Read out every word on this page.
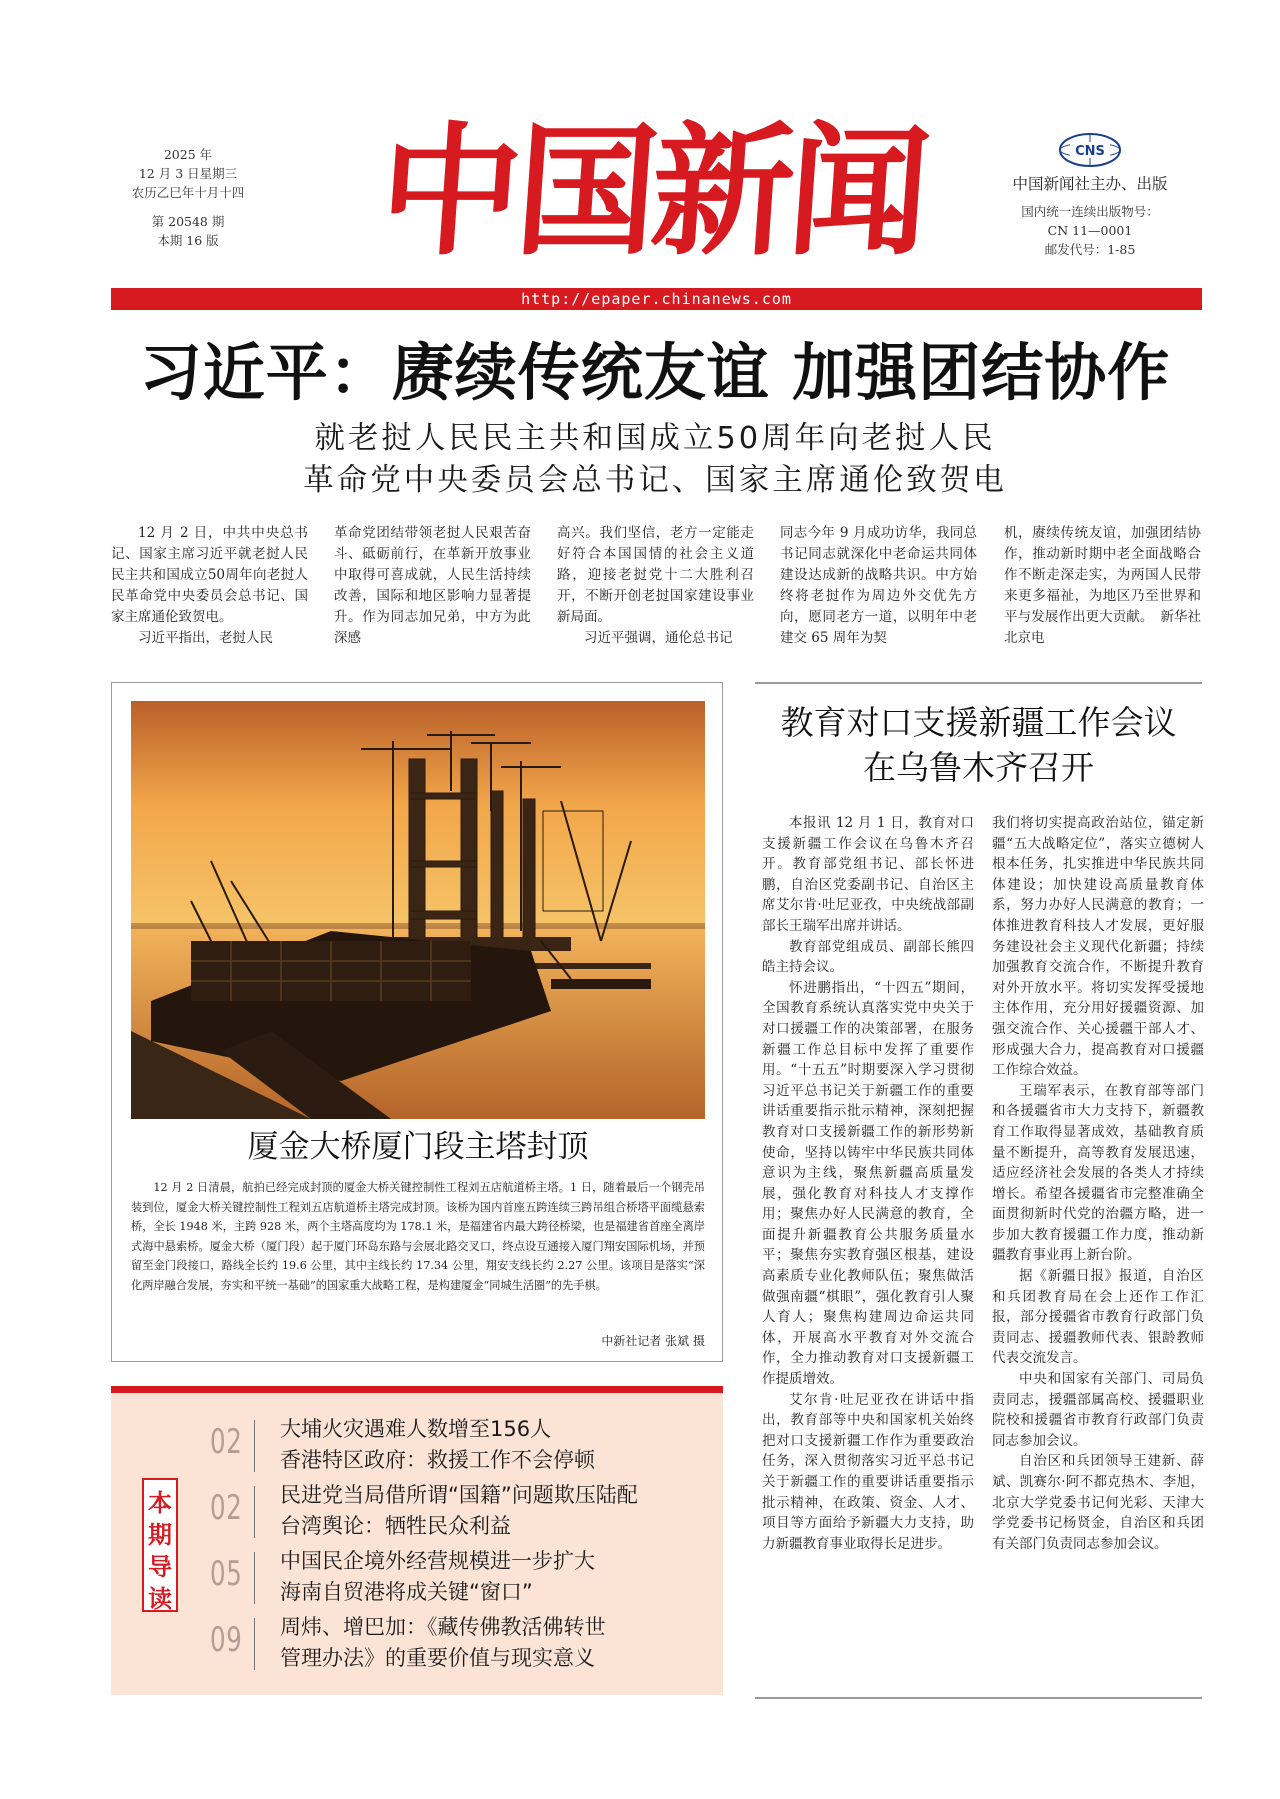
2025 年
12 月 3 日星期三
农历乙巳年十月十四
第 20548 期
本期 16 版 中国新闻	CNS
中国新闻社主办、出版
国内统一连续出版物号：
CN 11—0001
邮发代号：1-85
http://epaper.chinanews.com
习近平：赓续传统友谊 加强团结协作
就老挝人民民主共和国成立50周年向老挝人民
革命党中央委员会总书记、国家主席通伦致贺电

12 月 2 日，中共中央总书记、国家主席习近平就老挝人民民主共和国成立50周年向老挝人民革命党中央委员会总书记、国家主席通伦致贺电。

习近平指出，老挝人民

革命党团结带领老挝人民艰苦奋斗、砥砺前行，在革新开放事业中取得可喜成就，人民生活持续改善，国际和地区影响力显著提升。作为同志加兄弟，中方为此深感

高兴。我们坚信，老方一定能走好符合本国国情的社会主义道路，迎接老挝党十二大胜利召开，不断开创老挝国家建设事业新局面。

习近平强调，通伦总书记

同志今年 9 月成功访华，我同总书记同志就深化中老命运共同体建设达成新的战略共识。中方始终将老挝作为周边外交优先方向，愿同老方一道，以明年中老建交 65 周年为契

机，赓续传统友谊，加强团结协作，推动新时期中老全面战略合作不断走深走实，为两国人民带来更多福祉，为地区乃至世界和平与发展作出更大贡献。　新华社北京电

厦金大桥厦门段主塔封顶

12 月 2 日清晨，航拍已经完成封顶的厦金大桥关键控制性工程刘五店航道桥主塔。1 日，随着最后一个钢壳吊装到位，厦金大桥关键控制性工程刘五店航道桥主塔完成封顶。该桥为国内首座五跨连续三跨吊组合桥塔平面缆悬索桥，全长 1948 米，主跨 928 米，两个主塔高度均为 178.1 米，是福建省内最大跨径桥梁，也是福建省首座全离岸式海中悬索桥。厦金大桥（厦门段）起于厦门环岛东路与会展北路交叉口，终点设互通接入厦门翔安国际机场，并预留至金门段接口，路线全长约 19.6 公里，其中主线长约 17.34 公里，翔安支线长约 2.27 公里。该项目是落实“深化两岸融合发展，夯实和平统一基础”的国家重大战略工程，是构建厦金“同城生活圈”的先手棋。

中新社记者 张斌 摄
本
期
导
读
02 大埔火灾遇难人数增至156人
香港特区政府：救援工作不会停顿
02 民进党当局借所谓“国籍”问题欺压陆配
台湾舆论：牺牲民众利益
05 中国民企境外经营规模进一步扩大
海南自贸港将成关键“窗口”
09 周炜、增巴加：《藏传佛教活佛转世
管理办法》的重要价值与现实意义
教育对口支援新疆工作会议
在乌鲁木齐召开

本报讯 12 月 1 日，教育对口支援新疆工作会议在乌鲁木齐召开。教育部党组书记、部长怀进鹏，自治区党委副书记、自治区主席艾尔肯·吐尼亚孜，中央统战部副部长王瑞军出席并讲话。

教育部党组成员、副部长熊四皓主持会议。

怀进鹏指出，“十四五”期间，全国教育系统认真落实党中央关于对口援疆工作的决策部署，在服务新疆工作总目标中发挥了重要作用。“十五五”时期要深入学习贯彻习近平总书记关于新疆工作的重要讲话重要指示批示精神，深刻把握教育对口支援新疆工作的新形势新使命，坚持以铸牢中华民族共同体意识为主线，聚焦新疆高质量发展，强化教育对科技人才支撑作用；聚焦办好人民满意的教育，全面提升新疆教育公共服务质量水平；聚焦夯实教育强区根基，建设高素质专业化教师队伍；聚焦做活做强南疆“棋眼”，强化教育引人聚人育人；聚焦构建周边命运共同体，开展高水平教育对外交流合作，全力推动教育对口支援新疆工作提质增效。

艾尔肯·吐尼亚孜在讲话中指出，教育部等中央和国家机关始终把对口支援新疆工作作为重要政治任务，深入贯彻落实习近平总书记关于新疆工作的重要讲话重要指示批示精神，在政策、资金、人才、项目等方面给予新疆大力支持，助力新疆教育事业取得长足进步。

我们将切实提高政治站位，锚定新疆“五大战略定位”，落实立德树人根本任务，扎实推进中华民族共同体建设；加快建设高质量教育体系，努力办好人民满意的教育；一体推进教育科技人才发展，更好服务建设社会主义现代化新疆；持续加强教育交流合作，不断提升教育对外开放水平。将切实发挥受援地主体作用，充分用好援疆资源、加强交流合作、关心援疆干部人才、形成强大合力，提高教育对口援疆工作综合效益。

王瑞军表示，在教育部等部门和各援疆省市大力支持下，新疆教育工作取得显著成效，基础教育质量不断提升，高等教育发展迅速，适应经济社会发展的各类人才持续增长。希望各援疆省市完整准确全面贯彻新时代党的治疆方略，进一步加大教育援疆工作力度，推动新疆教育事业再上新台阶。

据《新疆日报》报道，自治区和兵团教育局在会上还作工作汇报，部分援疆省市教育行政部门负责同志、援疆教师代表、银龄教师代表交流发言。

中央和国家有关部门、司局负责同志，援疆部属高校、援疆职业院校和援疆省市教育行政部门负责同志参加会议。

自治区和兵团领导王建新、薛斌、凯赛尔·阿不都克热木、李旭，北京大学党委书记何光彩、天津大学党委书记杨贤金，自治区和兵团有关部门负责同志参加会议。
